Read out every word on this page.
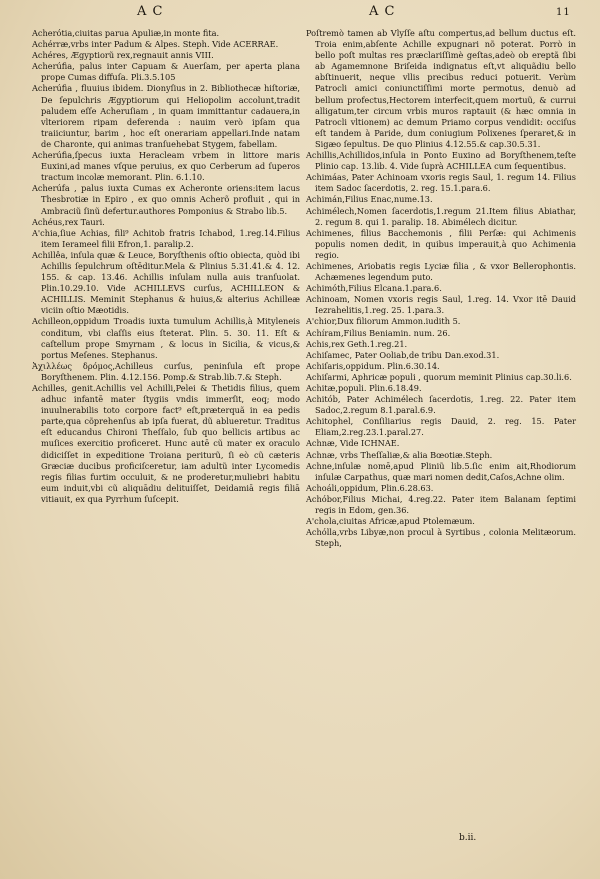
A C	A C	11

Acherótia,ciuitas parua Apuliæ,in monte fita.

Achérræ,vrbs inter Padum & Alpes. Steph. Vide ACERRAE.

Achéres, Ægyptiorũ rex,regnauit annis VIII.

Acherúfia, palus inter Capuam & Auerſam, per aperta plana prope Cumas diffuſa. Pli.3.5.105

Acherúfia , fluuius ibidem. Dionyſius in 2. Bibliothecæ hiſtoriæ, De ſepulchris Ægyptiorum qui Heliopolim accolunt,tradit paludem eſſe Acheruſiam , in quam immittantur cadauera,in vlteriorem ripam deferenda : nauim verò ipſam qua traiiciuntur, barim , hoc eſt onerariam appellari.Inde natam de Charonte, qui animas tranſuehebat Stygem, fabellam.

Acherúfia,ſpecus iuxta Heracleam vrbem in littore maris Euxini,ad manes vſque peruius, ex quo Cerberum ad ſuperos tractum incolæ memorant. Plin. 6.1.10.

Acherúfa , palus iuxta Cumas ex Acheronte oriens:item lacus Thesbrotiæ in Epiro , ex quo omnis Acherõ profluit , qui in Ambraciũ ſinũ defertur.authores Pomponius & Strabo lib.5.

Achéus,rex Tauri.

A'chia,ſiue Achias, fili⁹ Achitob fratris Ichabod, 1.reg.14.Filius item Ierameel filii Efron,1. paralip.2.

Achillêa, inſula quæ & Leuce, Boryſthenis oſtio obiecta, quòd ibi Achillis ſepulchrum oſtēditur.Mela & Plinius 5.31.41.& 4. 12. 155. & cap. 13.46. Achillis inſulam nulla auis tranſuolat. Plin.10.29.10. Vide ACHILLEVS curſus, ACHILLEON & ACHILLIS. Meminit Stephanus & huius,& alterius Achilleæ viciin oſtio Mæotidis.

Achilleon,oppidum Troadis iuxta tumulum Achillis,à Mityleneis conditum, vbi claſſis eius ſteterat. Plin. 5. 30. 11. Eſt & caſtellum prope Smyrnam , & locus in Sicilia, & vicus,& portus Meſenes. Stephanus.

Ἀχιλλέως δρόμος,Achilleus curſus, peninſula eſt prope Boryſthenem. Plin. 4.12.156. Pomp.& Strab.lib.7.& Steph.

Achilles, genit.Achillis vel Achilli,Pelei & Thetidis filius, quem adhuc infantē mater ſtygiis vndis immerſit, eoq; modo inuulnerabilis toto corpore fact⁹ eſt,præterquã in ea pedis parte,qua cõprehenſus ab ipſa fuerat, dũ ablueretur. Traditus eſt educandus Chironi Theſſalo, ſub quo bellicis artibus ac muſices exercitio proficeret. Hunc autē cũ mater ex oraculo didiciſſet in expeditione Troiana periturũ, ſi eò cũ cæteris Græciæ ducibus proficiſceretur, iam adultũ inter Lycomedis regis filias furtim occuluit, & ne proderetur,muliebri habitu eum induit,vbi cũ aliquādiu delituiſſet, Deidamiā regis filiā vitiauit, ex qua Pyrrhum ſuſcepit.

Poſtremò tamen ab Vlyſſe aſtu compertus,ad bellum ductus eſt. Troia enim,abſente Achille expugnari nõ poterat. Porrò in bello poſt multas res præclariſſimè geſtas,adeò ob ereptã ſibi ab Agamemnone Briſeida indignatus eſt,vt aliquãdiu bello abſtinuerit, neque vllis precibus reduci potuerit. Verùm Patrocli amici coniunctiſſimi morte permotus, denuò ad bellum profectus,Hectorem interfecit,quem mortuũ, & currui alligatum,ter circum vrbis muros raptauit (& hæc omnia in Patrocli vltionem) ac demum Priamo corpus vendidit: occiſus eſt tandem à Paride, dum coniugium Polixenes ſperaret,& in Sigæo ſepultus. De quo Plinius 4.12.55.& cap.30.5.31.

Achillis,Achillidos,inſula in Ponto Euxino ad Boryſthenem,teſte Plinio cap. 13.lib. 4. Vide ſuprà ACHILLEA cum ſequentibus.

Achimáas, Pater Achinoam vxoris regis Saul, 1. regum 14. Filius item Sadoc ſacerdotis, 2. reg. 15.1.para.6.

Achimán,Filius Enac,nume.13.

Achimélech,Nomen ſacerdotis,1.regum 21.Item filius Abiathar, 2. regum 8. qui 1. paralip. 18. Abimélech dicitur.

Achimenes, filius Bacchemonis , filii Perſæ: qui Achimenis populis nomen dedit, in quibus imperauit,à quo Achimenia regio.

Achimenes, Ariobatis regis Lyciæ filia , & vxor Bellerophontis. Achæmenes legendum puto.

Achimóth,Filius Elcana.1.para.6.

Achinoam, Nomen vxoris regis Saul, 1.reg. 14. Vxor itē Dauid Iezrahelitis,1.reg. 25. 1.para.3.

A'chior,Dux filiorum Ammon.iudith 5.

Achíram,Filius Beniamin. num. 26.

Achis,rex Geth.1.reg.21.

Achiſamec, Pater Ooliab,de tribu Dan.exod.31.

Achiſaris,oppidum. Plin.6.30.14.

Achiſarmi, Aphricæ populi , quorum meminit Plinius cap.30.li.6.

Achitæ,populi. Plin.6.18.49.

Achitób, Pater Achimélech ſacerdotis, 1.reg. 22. Pater item Sadoc,2.regum 8.1.paral.6.9.

Achitophel, Conſiliarius regis Dauid, 2. reg. 15. Pater Eliam,2.reg.23.1.paral.27.

Achnæ, Vide ICHNAE.

Achnæ, vrbs Theſſaliæ,& alia Bœotiæ.Steph.

Achne,inſulæ nomē,apud Pliniũ lib.5.ſic enim ait,Rhodiorum inſulæ Carpathus, quæ mari nomen dedit,Caſos,Achne olim.

Achoáli,oppidum, Plin.6.28.63.

Achóbor,Filius Michai, 4.reg.22. Pater item Balanam ſeptimi regis in Edom, gen.36.

A'chola,ciuitas Africæ,apud Ptolemæum.

Achólla,vrbs Libyæ,non procul à Syrtibus , colonia Melitæorum. Steph,

b.ii.
